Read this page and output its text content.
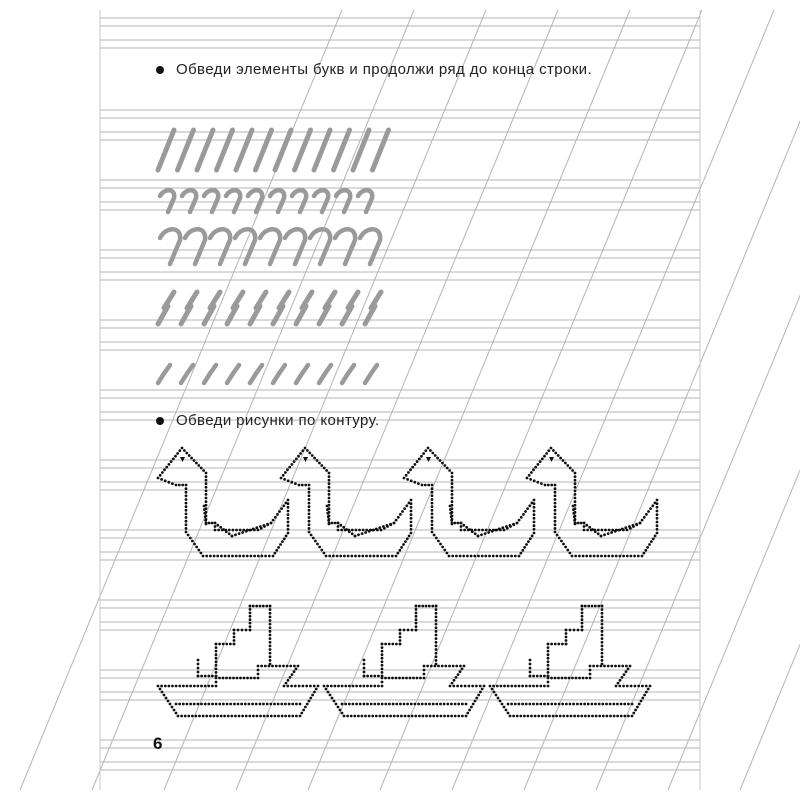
Обведи элементы букв и продолжи ряд до конца строки.
Обведи рисунки по контуру.
6
